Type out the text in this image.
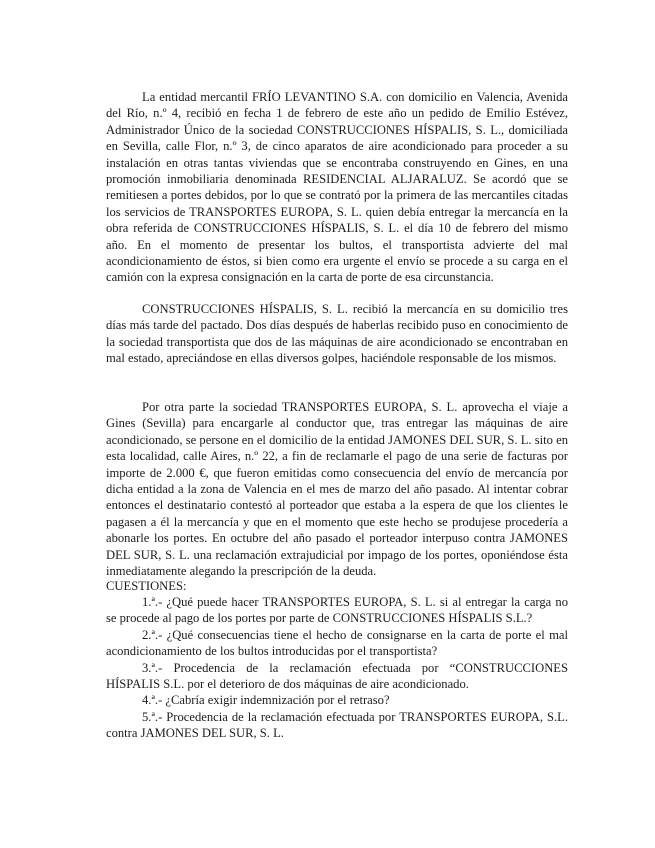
La entidad mercantil FRÍO LEVANTINO S.A. con domicilio en Valencia, Avenida del Río, n.º 4, recibió en fecha 1 de febrero de este año un pedido de Emilio Estévez, Administrador Único de la sociedad CONSTRUCCIONES HÍSPALIS, S. L., domiciliada en Sevilla, calle Flor, n.º 3, de cinco aparatos de aire acondicionado para proceder a su instalación en otras tantas viviendas que se encontraba construyendo en Gines, en una promoción inmobiliaria denominada RESIDENCIAL ALJARALUZ. Se acordó que se remitiesen a portes debidos, por lo que se contrató por la primera de las mercantiles citadas los servicios de TRANSPORTES EUROPA, S. L. quien debía entregar la mercancía en la obra referida de CONSTRUCCIONES HÍSPALIS, S. L. el día 10 de febrero del mismo año. En el momento de presentar los bultos, el transportista advierte del mal acondicionamiento de éstos, si bien como era urgente el envío se procede a su carga en el camión con la expresa consignación en la carta de porte de esa circunstancia.

CONSTRUCCIONES HÍSPALIS, S. L. recibió la mercancía en su domicilio tres días más tarde del pactado. Dos días después de haberlas recibido puso en conocimiento de la sociedad transportista que dos de las máquinas de aire acondicionado se encontraban en mal estado, apreciándose en ellas diversos golpes, haciéndole responsable de los mismos.

Por otra parte la sociedad TRANSPORTES EUROPA, S. L. aprovecha el viaje a Gines (Sevilla) para encargarle al conductor que, tras entregar las máquinas de aire acondicionado, se persone en el domicilio de la entidad JAMONES DEL SUR, S. L. sito en esta localidad, calle Aires, n.º 22, a fin de reclamarle el pago de una serie de facturas por importe de 2.000 €, que fueron emitidas como consecuencia del envío de mercancía por dicha entidad a la zona de Valencia en el mes de marzo del año pasado. Al intentar cobrar entonces el destinatario contestó al porteador que estaba a la espera de que los clientes le pagasen a él la mercancía y que en el momento que este hecho se produjese procedería a abonarle los portes. En octubre del año pasado el porteador interpuso contra JAMONES DEL SUR, S. L. una reclamación extrajudicial por impago de los portes, oponiéndose ésta inmediatamente alegando la prescripción de la deuda.

CUESTIONES:

1.ª.- ¿Qué puede hacer TRANSPORTES EUROPA, S. L. si al entregar la carga no se procede al pago de los portes por parte de CONSTRUCCIONES HÍSPALIS S.L.?
2.ª.- ¿Qué consecuencias tiene el hecho de consignarse en la carta de porte el mal acondicionamiento de los bultos introducidas por el transportista?
3.ª.- Procedencia de la reclamación efectuada por “CONSTRUCCIONES HÍSPALIS S.L. por el deterioro de dos máquinas de aire acondicionado.
4.ª.- ¿Cabría exigir indemnización por el retraso?
5.ª.- Procedencia de la reclamación efectuada por TRANSPORTES EUROPA, S.L. contra JAMONES DEL SUR, S. L.
